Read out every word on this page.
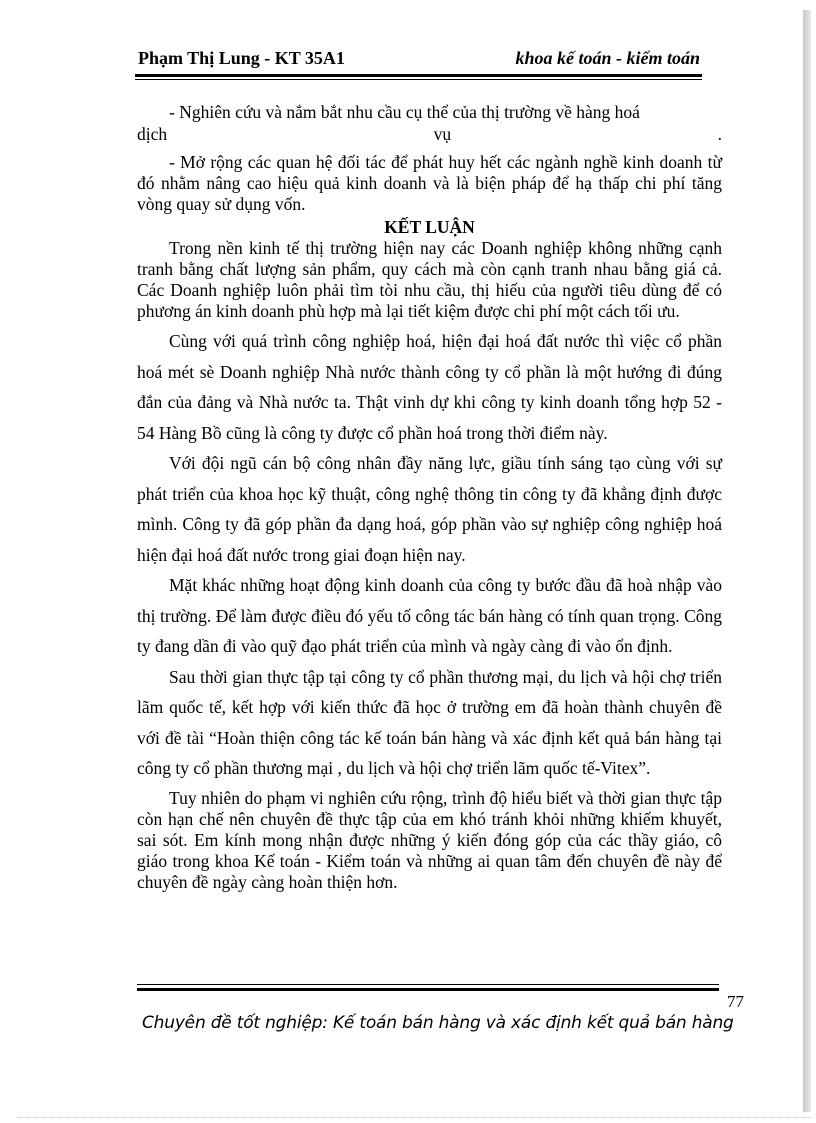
Phạm Thị Lung - KT 35A1	khoa kế toán - kiểm toán

- Nghiên cứu và nắm bắt nhu cầu cụ thể của thị trường về hàng hoá

dịch vụ .

- Mở rộng các quan hệ đối tác để phát huy hết các ngành nghề kinh doanh từ đó nhằm nâng cao hiệu quả kinh doanh và là biện pháp để hạ thấp chi phí tăng vòng quay sử dụng vốn.

KẾT LUẬN

Trong nền kinh tế thị trường hiện nay các Doanh nghiệp không những cạnh tranh bằng chất lượng sản phẩm, quy cách mà còn cạnh tranh nhau bằng giá cả. Các Doanh nghiệp luôn phải tìm tòi nhu cầu, thị hiếu của người tiêu dùng để có phương án kinh doanh phù hợp mà lại tiết kiệm được chi phí một cách tối ưu.

Cùng với quá trình công nghiệp hoá, hiện đại hoá đất nước thì việc cổ phần hoá mét sè Doanh nghiệp Nhà nước thành công ty cổ phần là một hướng đi đúng đắn của đảng và Nhà nước ta. Thật vinh dự khi công ty kinh doanh tổng hợp 52 - 54 Hàng Bồ cũng là công ty được cổ phần hoá trong thời điểm này.

Với đội ngũ cán bộ công nhân đầy năng lực, giầu tính sáng tạo cùng với sự phát triển của khoa học kỹ thuật, công nghệ thông tin công ty đã khẳng định được mình. Công ty đã góp phần đa dạng hoá, góp phần vào sự nghiệp công nghiệp hoá hiện đại hoá đất nước trong giai đoạn hiện nay.

Mặt khác những hoạt động kinh doanh của công ty bước đầu đã hoà nhập vào thị trường. Để làm được điều đó yếu tố công tác bán hàng có tính quan trọng. Công ty đang dần đi vào quỹ đạo phát triển của mình và ngày càng đi vào ổn định.

Sau thời gian thực tập tại công ty cổ phần thương mại, du lịch và hội chợ triển lãm quốc tế, kết hợp với kiến thức đã học ở trường em đã hoàn thành chuyên đề với đề tài “Hoàn thiện công tác kế toán bán hàng và xác định kết quả bán hàng tại công ty cổ phần thương mại , du lịch và hội chợ triển lãm quốc tế-Vitex”.

Tuy nhiên do phạm vi nghiên cứu rộng, trình độ hiểu biết và thời gian thực tập còn hạn chế nên chuyên đề thực tập của em khó tránh khỏi những khiếm khuyết, sai sót. Em kính mong nhận được những ý kiến đóng góp của các thầy giáo, cô giáo trong khoa Kế toán - Kiểm toán và những ai quan tâm đến chuyên đề này để chuyên đề ngày càng hoàn thiện hơn.

77
Chuyên đề tốt nghiệp: Kế toán bán hàng và xác định kết quả bán hàng
